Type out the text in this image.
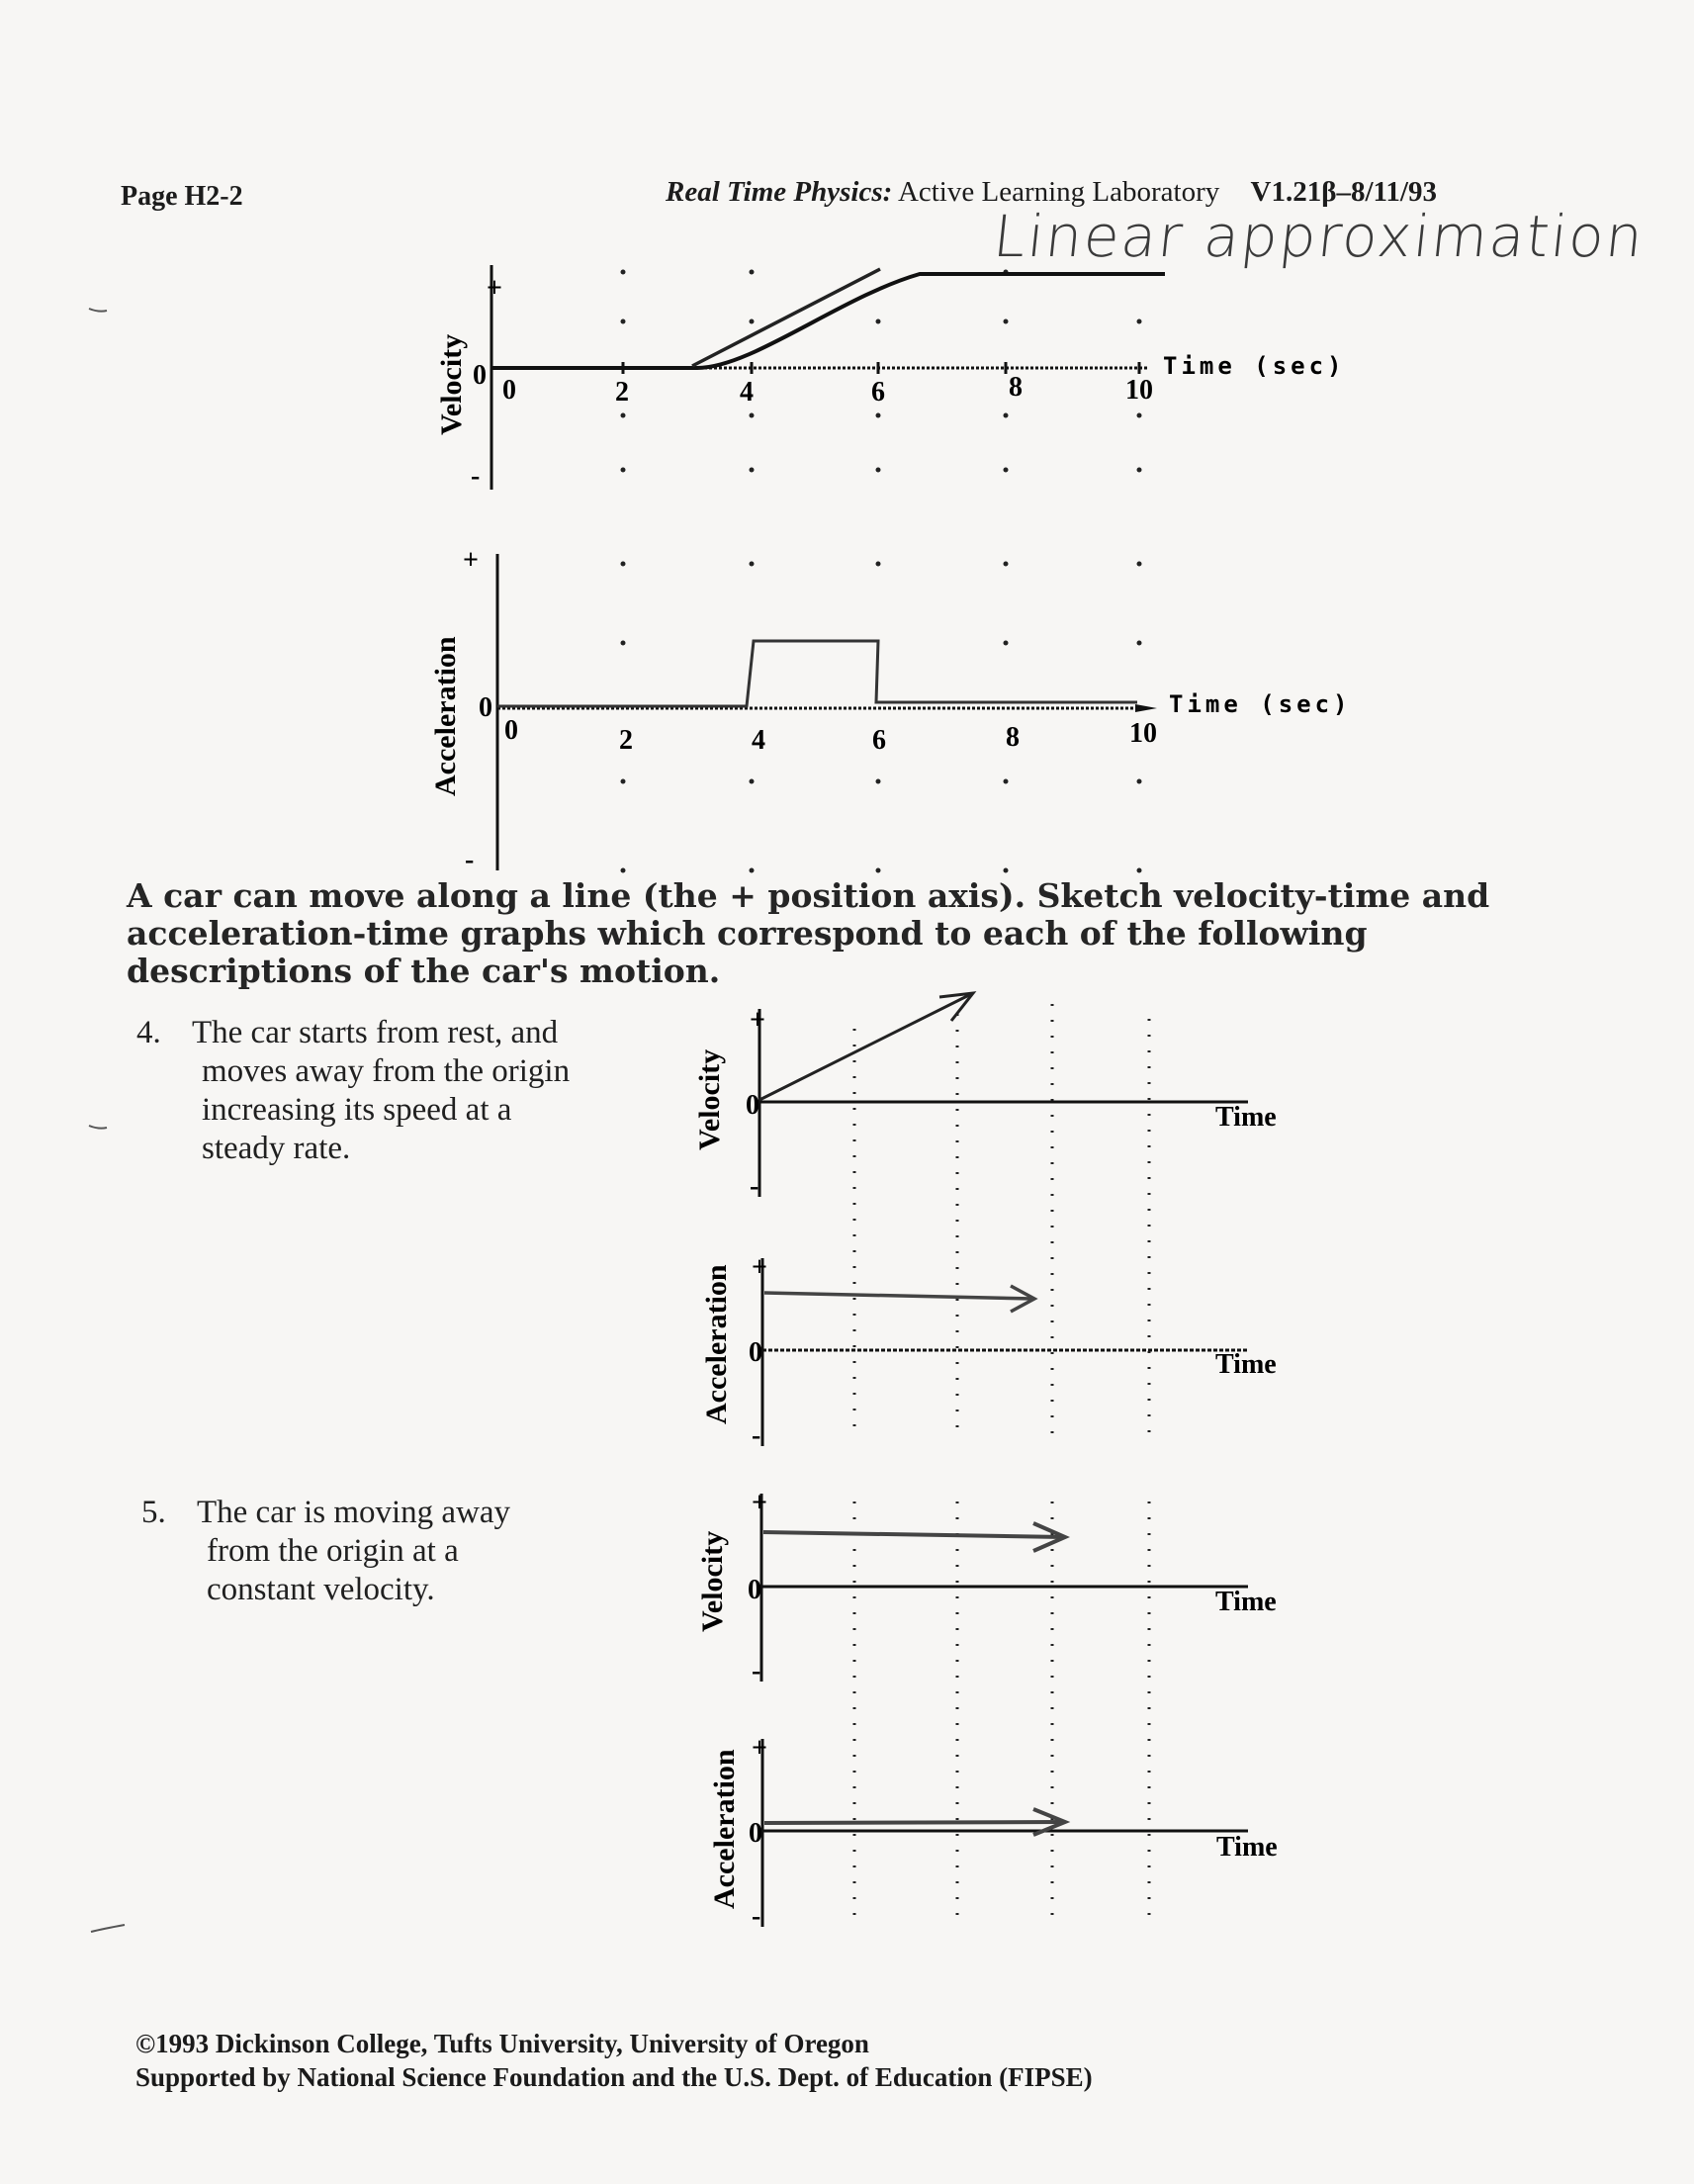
Page H2-2	Real Time Physics: Active Learning Laboratory V1.21β–8/11/93
Linear approximation
+
0
-
Velocity 0	2	4	6	8	10
Time (sec)
+
0
-
Acceleration 0	2	4	6	8	10
Time (sec)
+
0
-
Velocity	Time
+
0
-
Acceleration	Time
+
0
-
Velocity	Time
+
0
-
Acceleration	Time
A car can move along a line (the + position axis). Sketch velocity-time and acceleration-time graphs which correspond to each of the following descriptions of the car's motion.
4. The car starts from rest, and
moves away from the origin
increasing its speed at a
steady rate.
5. The car is moving away
from the origin at a
constant velocity.
©1993 Dickinson College, Tufts University, University of Oregon
Supported by National Science Foundation and the U.S. Dept. of Education (FIPSE)
